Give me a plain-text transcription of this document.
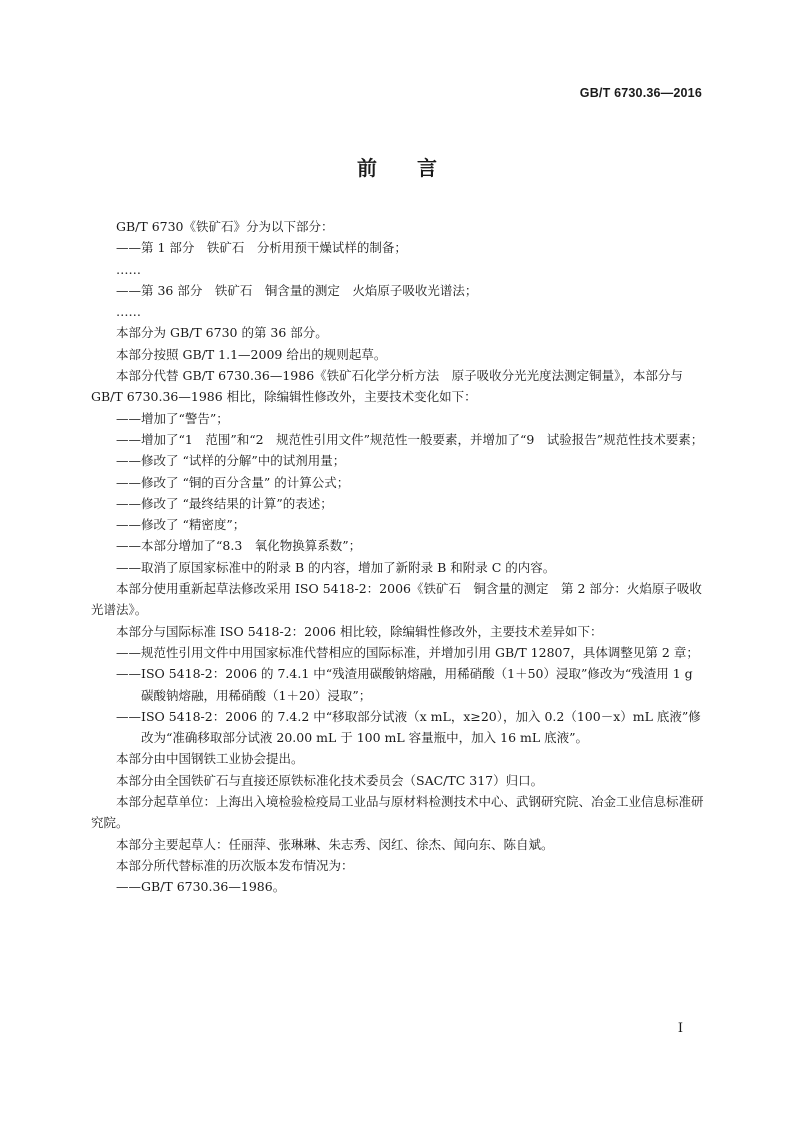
GB/T 6730.36—2016
前言

GB/T 6730《铁矿石》分为以下部分：

——第 1 部分　铁矿石　分析用预干燥试样的制备；

……

——第 36 部分　铁矿石　铜含量的测定　火焰原子吸收光谱法；

……

本部分为 GB/T 6730 的第 36 部分。

本部分按照 GB/T 1.1—2009 给出的规则起草。

本部分代替 GB/T 6730.36—1986《铁矿石化学分析方法　原子吸收分光光度法测定铜量》，本部分与 GB/T 6730.36—1986 相比，除编辑性修改外，主要技术变化如下：

——增加了“警告”；

——增加了“1　范围”和“2　规范性引用文件”规范性一般要素，并增加了“9　试验报告”规范性技术要素；

——修改了 “试样的分解”中的试剂用量；

——修改了 “铜的百分含量” 的计算公式；

——修改了 “最终结果的计算”的表述；

——修改了 “精密度”；

——本部分增加了“8.3　氧化物换算系数”；

——取消了原国家标准中的附录 B 的内容，增加了新附录 B 和附录 C 的内容。

本部分使用重新起草法修改采用 ISO 5418-2：2006《铁矿石　铜含量的测定　第 2 部分：火焰原子吸收光谱法》。

本部分与国际标准 ISO 5418-2：2006 相比较，除编辑性修改外，主要技术差异如下：

——规范性引用文件中用国家标准代替相应的国际标准，并增加引用 GB/T 12807，具体调整见第 2 章；

——ISO 5418-2：2006 的 7.4.1 中“残渣用碳酸钠熔融，用稀硝酸（1＋50）浸取”修改为“残渣用 1 g 碳酸钠熔融，用稀硝酸（1＋20）浸取”；

——ISO 5418-2：2006 的 7.4.2 中“移取部分试液（x mL，x≥20），加入 0.2（100－x）mL 底液”修改为“准确移取部分试液 20.00 mL 于 100 mL 容量瓶中，加入 16 mL 底液”。

本部分由中国钢铁工业协会提出。

本部分由全国铁矿石与直接还原铁标准化技术委员会（SAC/TC 317）归口。

本部分起草单位：上海出入境检验检疫局工业品与原材料检测技术中心、武钢研究院、冶金工业信息标准研究院。

本部分主要起草人：任丽萍、张琳琳、朱志秀、闵红、徐杰、闻向东、陈自斌。

本部分所代替标准的历次版本发布情况为：

——GB/T 6730.36—1986。

I
